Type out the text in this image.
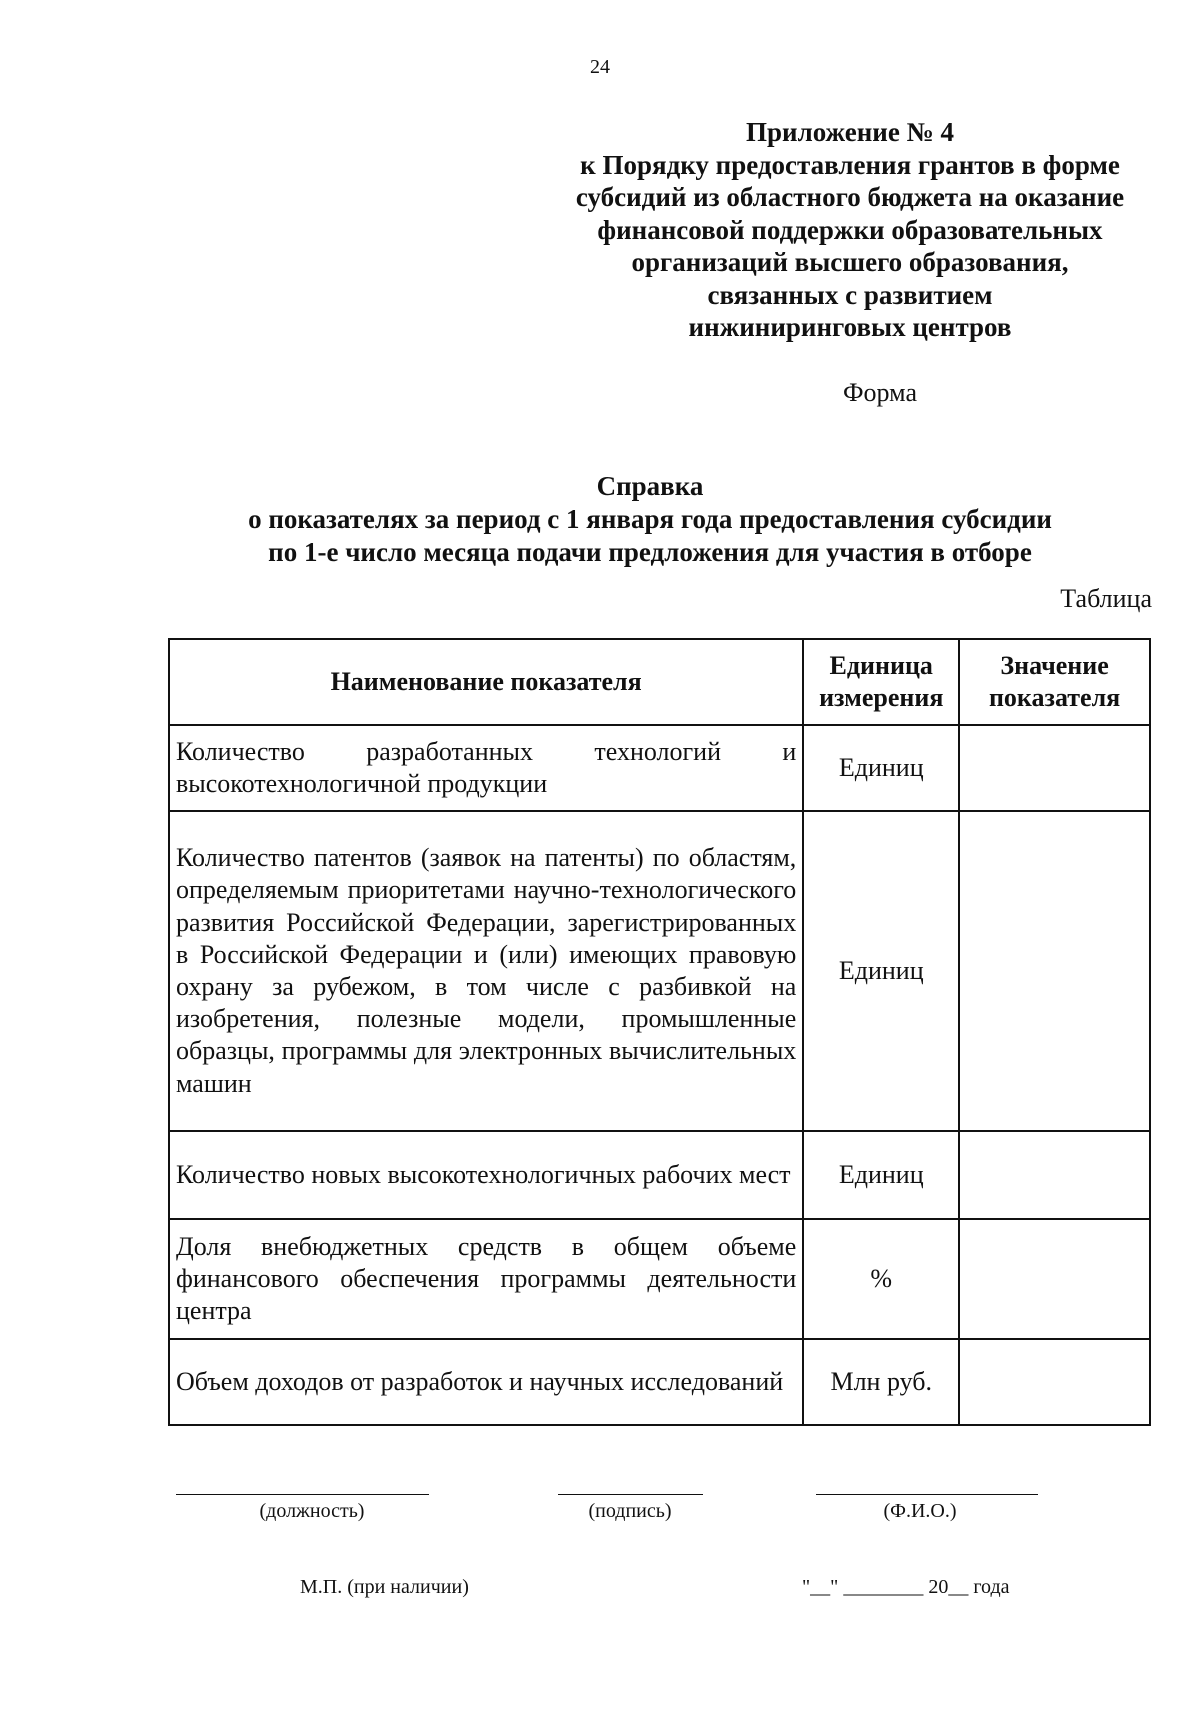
24
Приложение № 4
к Порядку предоставления грантов в форме
субсидий из областного бюджета на оказание
финансовой поддержки образовательных
организаций высшего образования,
связанных с развитием
инжиниринговых центров
Форма
Справка
о показателях за период с 1 января года предоставления субсидии
по 1-е число месяца подачи предложения для участия в отборе
Таблица
Наименование показателя	Единица измерения	Значение показателя
Количество разработанных технологий и высокотехнологичной продукции	Единиц	
Количество патентов (заявок на патенты) по областям, определяемым приоритетами научно-технологического развития Российской Федерации, зарегистрированных в Российской Федерации и (или) имеющих правовую охрану за рубежом, в том числе с разбивкой на изобретения, полезные модели, промышленные образцы, программы для электронных вычислительных машин	Единиц	
Количество новых высокотехнологичных рабочих мест	Единиц	
Доля внебюджетных средств в общем объеме финансового обеспечения программы деятельности центра	%	
Объем доходов от разработок и научных исследований	Млн руб.	
(должность)	(подпись)	(Ф.И.О.)
М.П. (при наличии)	"__" ________ 20__ года
